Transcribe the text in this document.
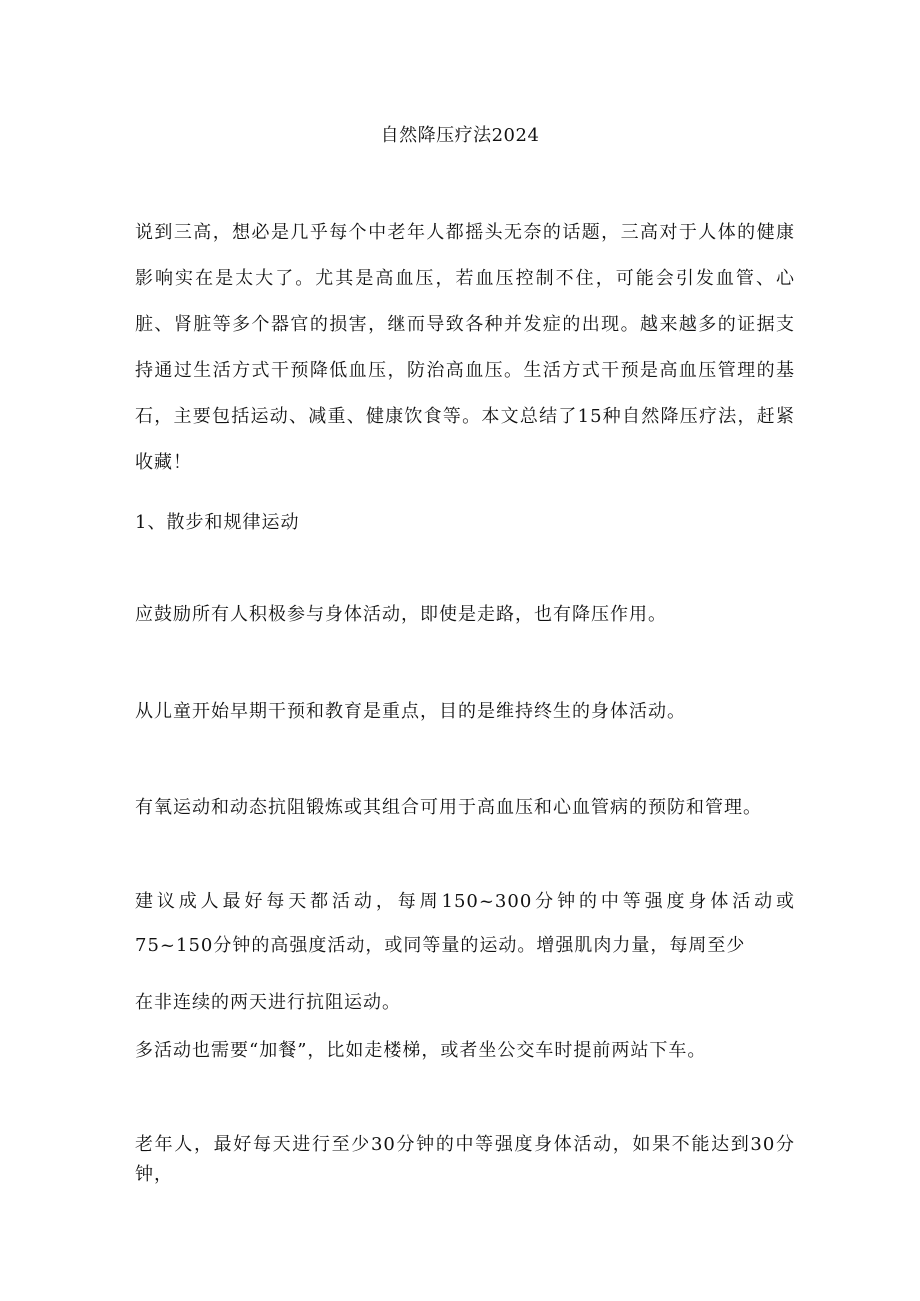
自然降压疗法2024

说到三高，想必是几乎每个中老年人都摇头无奈的话题，三高对于人体的健康影响实在是太大了。尤其是高血压，若血压控制不住，可能会引发血管、心脏、肾脏等多个器官的损害，继而导致各种并发症的出现。越来越多的证据支持通过生活方式干预降低血压，防治高血压。生活方式干预是高血压管理的基石，主要包括运动、减重、健康饮食等。本文总结了15种自然降压疗法，赶紧收藏！

1、散步和规律运动

应鼓励所有人积极参与身体活动，即使是走路，也有降压作用。

从儿童开始早期干预和教育是重点，目的是维持终生的身体活动。

有氧运动和动态抗阻锻炼或其组合可用于高血压和心血管病的预防和管理。

建议成人最好每天都活动，每周150~300分钟的中等强度身体活动或75~150分钟的高强度活动，或同等量的运动。增强肌肉力量，每周至少

在非连续的两天进行抗阻运动。

多活动也需要“加餐”，比如走楼梯，或者坐公交车时提前两站下车。

老年人，最好每天进行至少30分钟的中等强度身体活动，如果不能达到30分钟，
